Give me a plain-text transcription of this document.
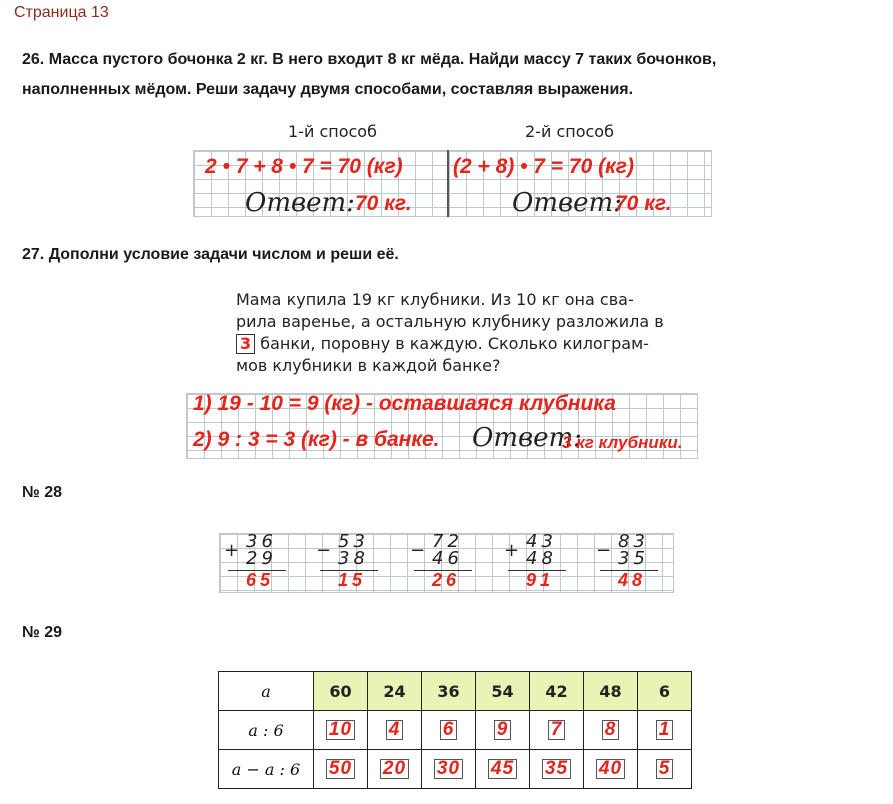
Страница 13
26. Масса пустого бочонка 2 кг. В него входит 8 кг мёда. Найди массу 7 таких бочонков,
наполненных мёдом. Реши задачу двумя способами, составляя выражения.
1-й способ	2-й способ
2 • 7 + 8 • 7 = 70 (кг) (2 + 8) • 7 = 70 (кг)
Ответ: 70 кг.	Ответ:
70 кг.
27. Дополни условие задачи числом и реши её.
Мама купила 19 кг клубники. Из 10 кг она сва-
рила варенье, а остальную клубнику разложила в
3 банки, поровну в каждую. Сколько килограм-
мов клубники в каждой банке?
1) 19 - 10 = 9 (кг) - оставшаяся клубника
2) 9 : 3 = 3 (кг) - в банке. Ответ:
3 кг клубники.
№ 28
+ 36
29
65
− 53
38
15
− 72
46
26
+ 43
48
91
− 83
35
48
№ 29
a	60	24	36	54	42	48	6
a : 6	10	4	6	9	7	8	1
a − a : 6	50	20	30	45	35	40	5
